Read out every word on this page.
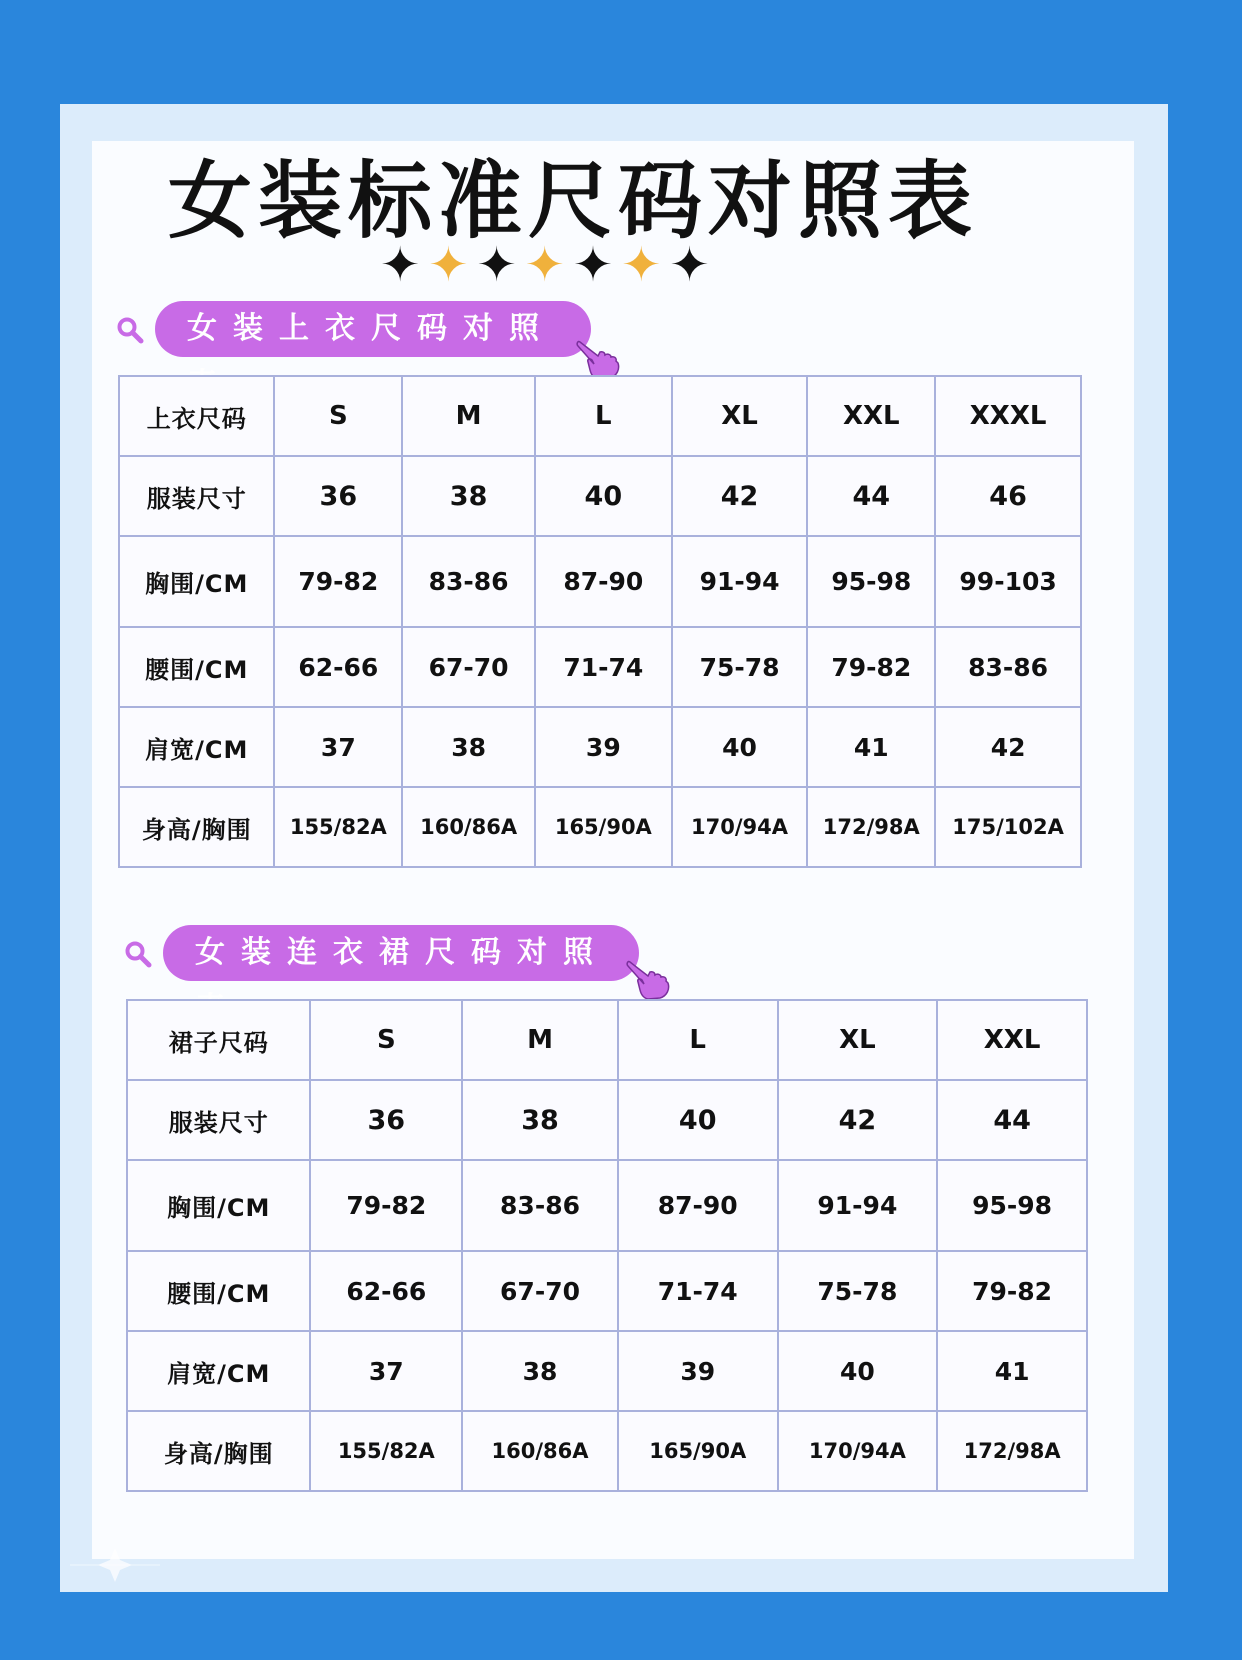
女装标准尺码对照表
✦ ✦ ✦ ✦ ✦ ✦ ✦
女装上衣尺码对照
上衣尺码	S	M	L	XL	XXL	XXXL
服装尺寸	36	38	40	42	44	46
胸围/CM	79-82	83-86	87-90	91-94	95-98	99-103
腰围/CM	62-66	67-70	71-74	75-78	79-82	83-86
肩宽/CM	37	38	39	40	41	42
身高/胸围	155/82A	160/86A	165/90A	170/94A	172/98A	175/102A
女装连衣裙尺码对照
裙子尺码	S	M	L	XL	XXL
服装尺寸	36	38	40	42	44
胸围/CM	79-82	83-86	87-90	91-94	95-98
腰围/CM	62-66	67-70	71-74	75-78	79-82
肩宽/CM	37	38	39	40	41
身高/胸围	155/82A	160/86A	165/90A	170/94A	172/98A
